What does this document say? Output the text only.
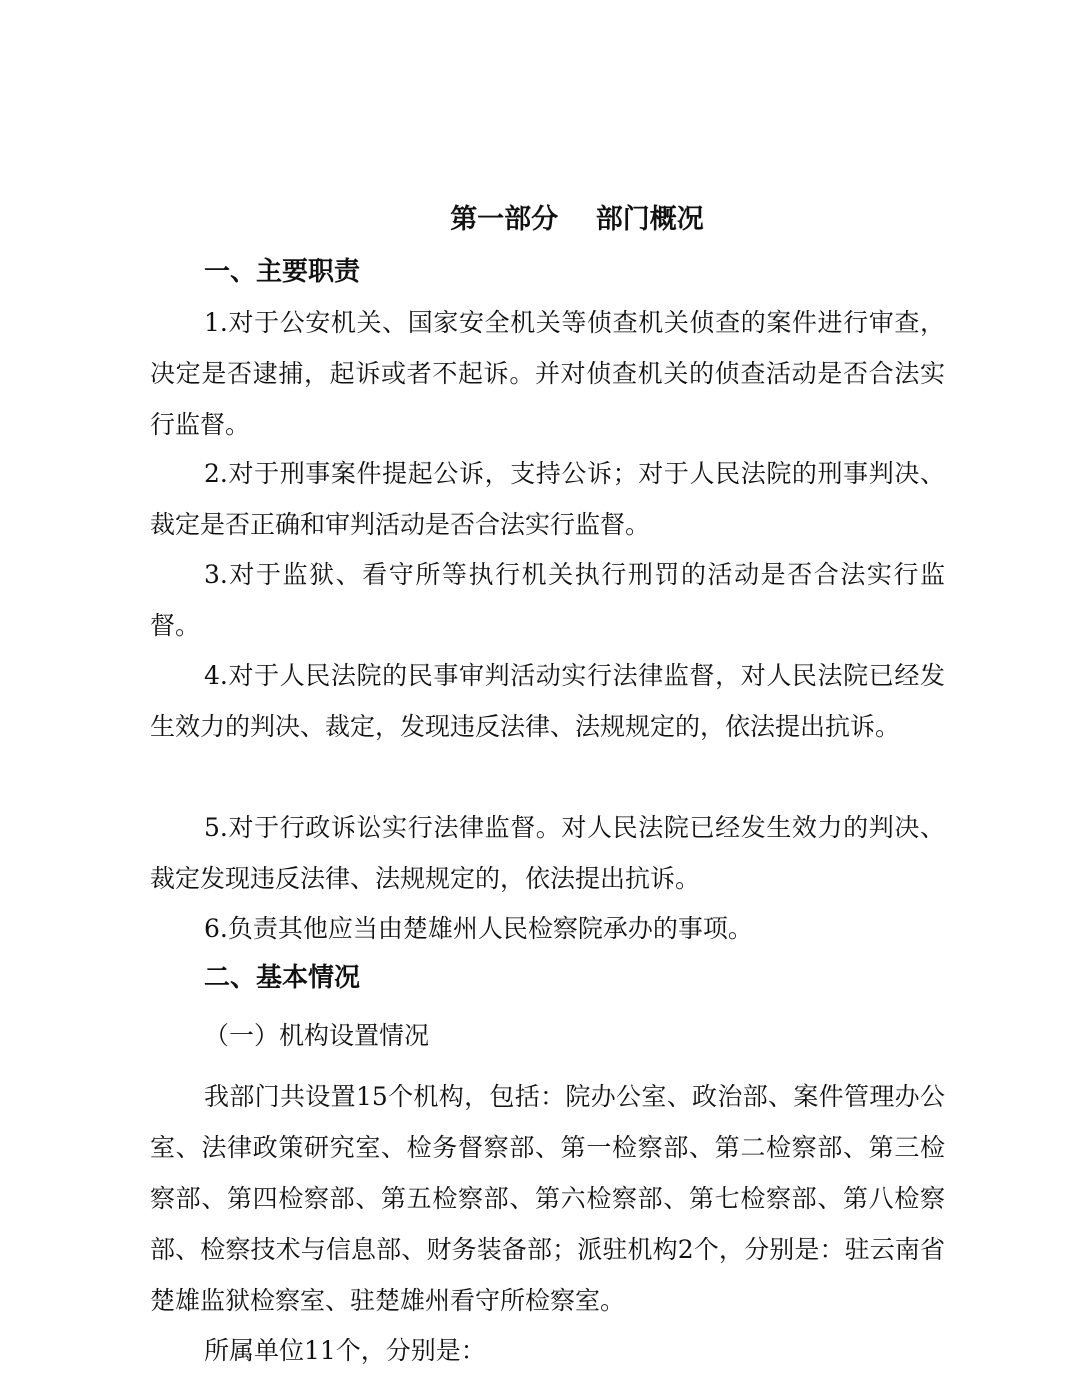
第一部分    部门概况
一、主要职责

1.对于公安机关、国家安全机关等侦查机关侦查的案件进行审查，决定是否逮捕，起诉或者不起诉。并对侦查机关的侦查活动是否合法实行监督。

2.对于刑事案件提起公诉，支持公诉；对于人民法院的刑事判决、裁定是否正确和审判活动是否合法实行监督。

3.对于监狱、看守所等执行机关执行刑罚的活动是否合法实行监督。

4.对于人民法院的民事审判活动实行法律监督，对人民法院已经发生效力的判决、裁定，发现违反法律、法规规定的，依法提出抗诉。

5.对于行政诉讼实行法律监督。对人民法院已经发生效力的判决、裁定发现违反法律、法规规定的，依法提出抗诉。

6.负责其他应当由楚雄州人民检察院承办的事项。

二、基本情况
（一）机构设置情况

我部门共设置15个机构，包括：院办公室、政治部、案件管理办公室、法律政策研究室、检务督察部、第一检察部、第二检察部、第三检察部、第四检察部、第五检察部、第六检察部、第七检察部、第八检察部、检察技术与信息部、财务装备部；派驻机构2个，分别是：驻云南省楚雄监狱检察室、驻楚雄州看守所检察室。

所属单位11个，分别是：
